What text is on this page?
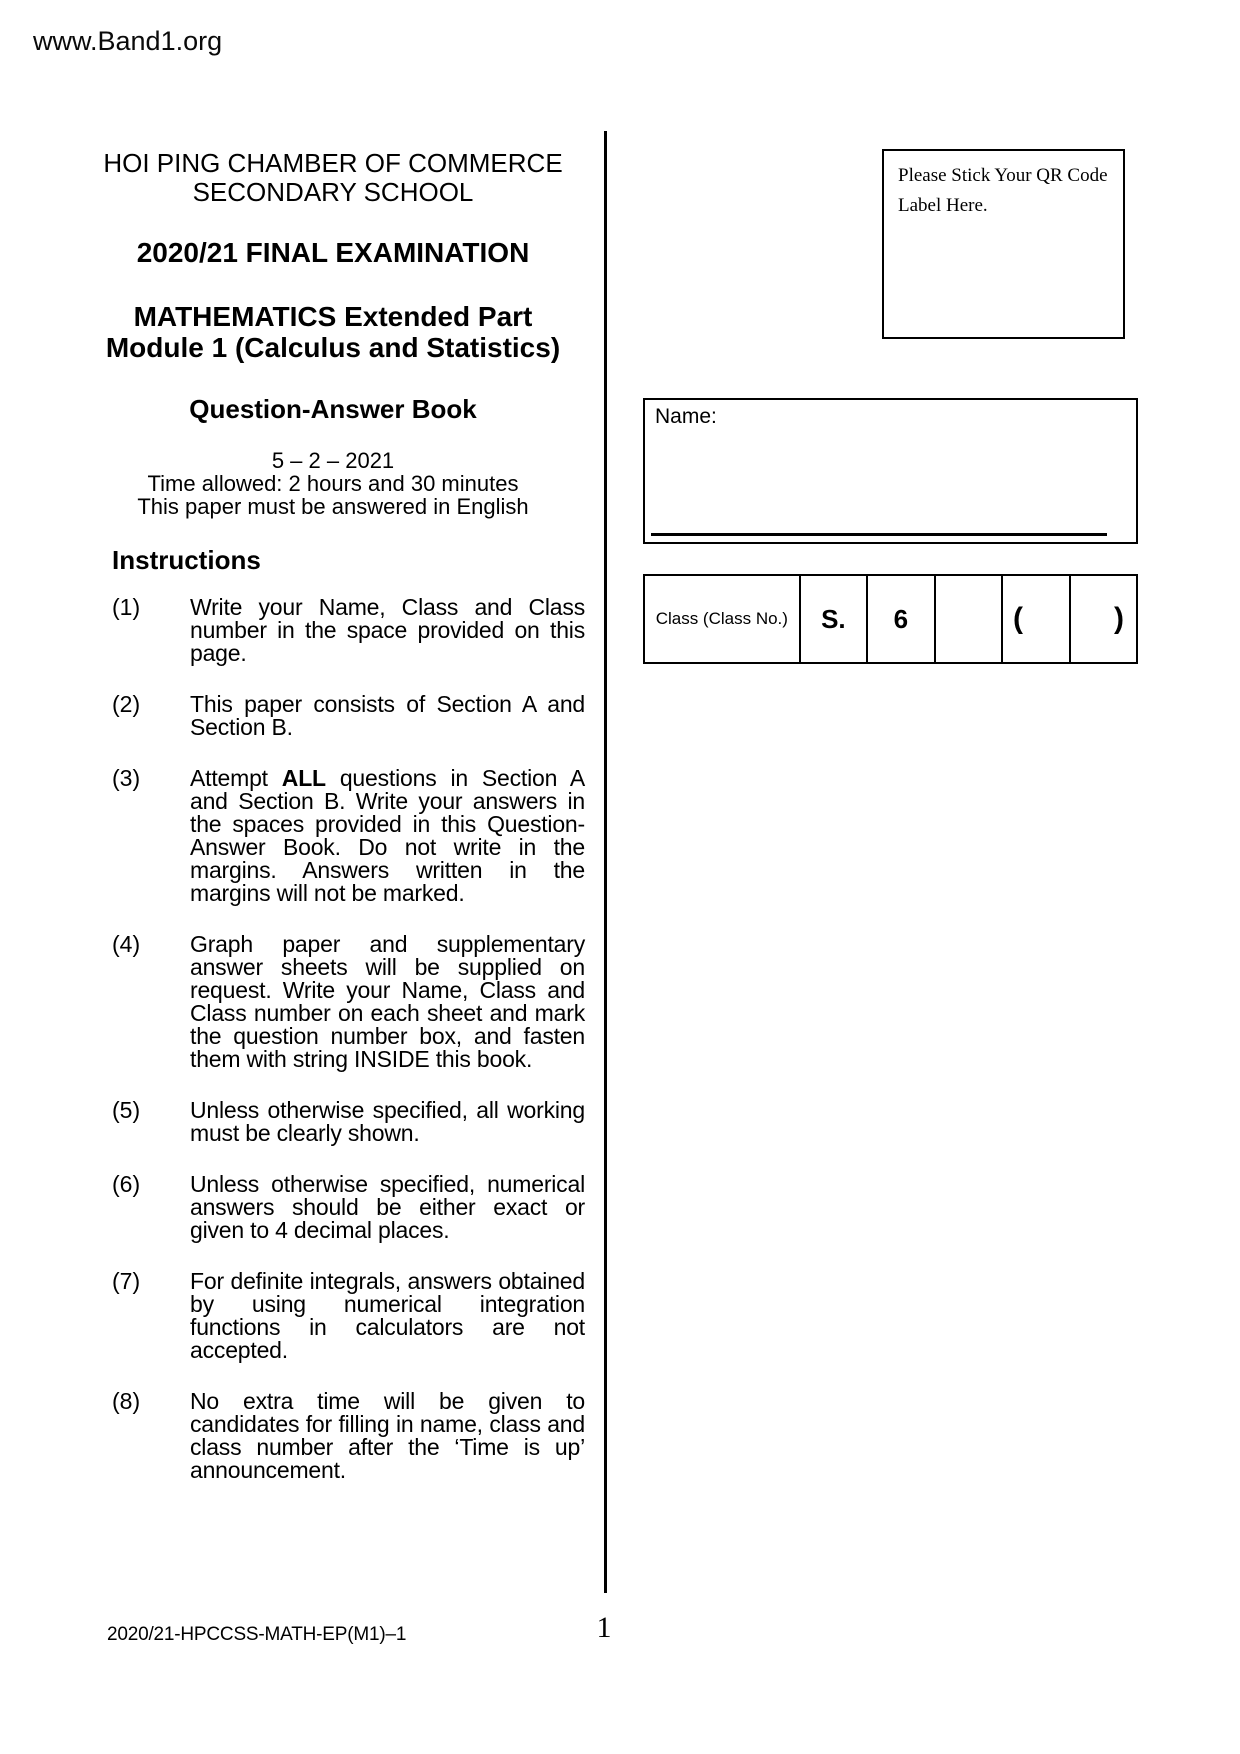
www.Band1.org
HOI PING CHAMBER OF COMMERCE
SECONDARY SCHOOL
2020/21 FINAL EXAMINATION
MATHEMATICS Extended Part
Module 1 (Calculus and Statistics)
Question-Answer Book
5 – 2 – 2021
Time allowed: 2 hours and 30 minutes
This paper must be answered in English
Instructions
(1)	Write your Name, Class and Class number in the space provided on this page.
(2)	This paper consists of Section A and Section B.
(3)	Attempt ALL questions in Section A and Section B. Write your answers in the spaces provided in this Question-Answer Book. Do not write in the margins. Answers written in the margins will not be marked.
(4)	Graph paper and supplementary answer sheets will be supplied on request. Write your Name, Class and Class number on each sheet and mark the question number box, and fasten them with string INSIDE this book.
(5)	Unless otherwise specified, all working must be clearly shown.
(6)	Unless otherwise specified, numerical answers should be either exact or given to 4 decimal places.
(7)	For definite integrals, answers obtained by using numerical integration functions in calculators are not accepted.
(8)	No extra time will be given to candidates for filling in name, class and class number after the ‘Time is up’ announcement.
Please Stick Your QR Code Label Here.
Name:
Class (Class No.)	S.	6	(	)
2020/21-HPCCSS-MATH-EP(M1)–1	1
